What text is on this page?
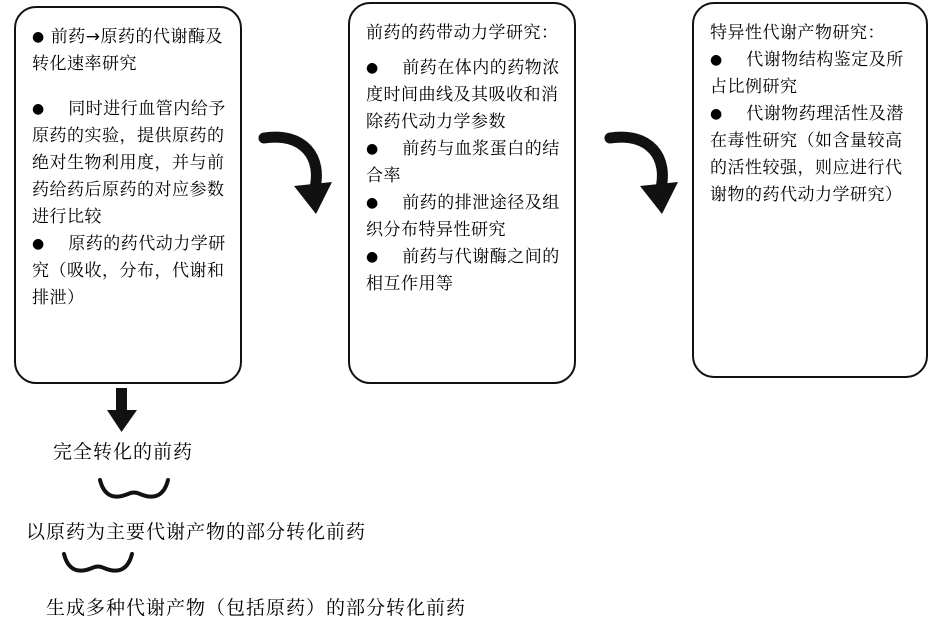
● 前药→原药的代谢酶及转化速率研究
●　同时进行血管内给予原药的实验，提供原药的绝对生物利用度，并与前药给药后原药的对应参数进行比较
●　原药的药代动力学研究（吸收，分布，代谢和排泄）

前药的药带动力学研究：

●　前药在体内的药物浓度时间曲线及其吸收和消除药代动力学参数
●　前药与血浆蛋白的结合率
●　前药的排泄途径及组织分布特异性研究
●　前药与代谢酶之间的相互作用等

特异性代谢产物研究：

●　代谢物结构鉴定及所占比例研究
●　代谢物药理活性及潜在毒性研究（如含量较高的活性较强，则应进行代谢物的药代动力学研究）
完全转化的前药
以原药为主要代谢产物的部分转化前药
生成多种代谢产物（包括原药）的部分转化前药
